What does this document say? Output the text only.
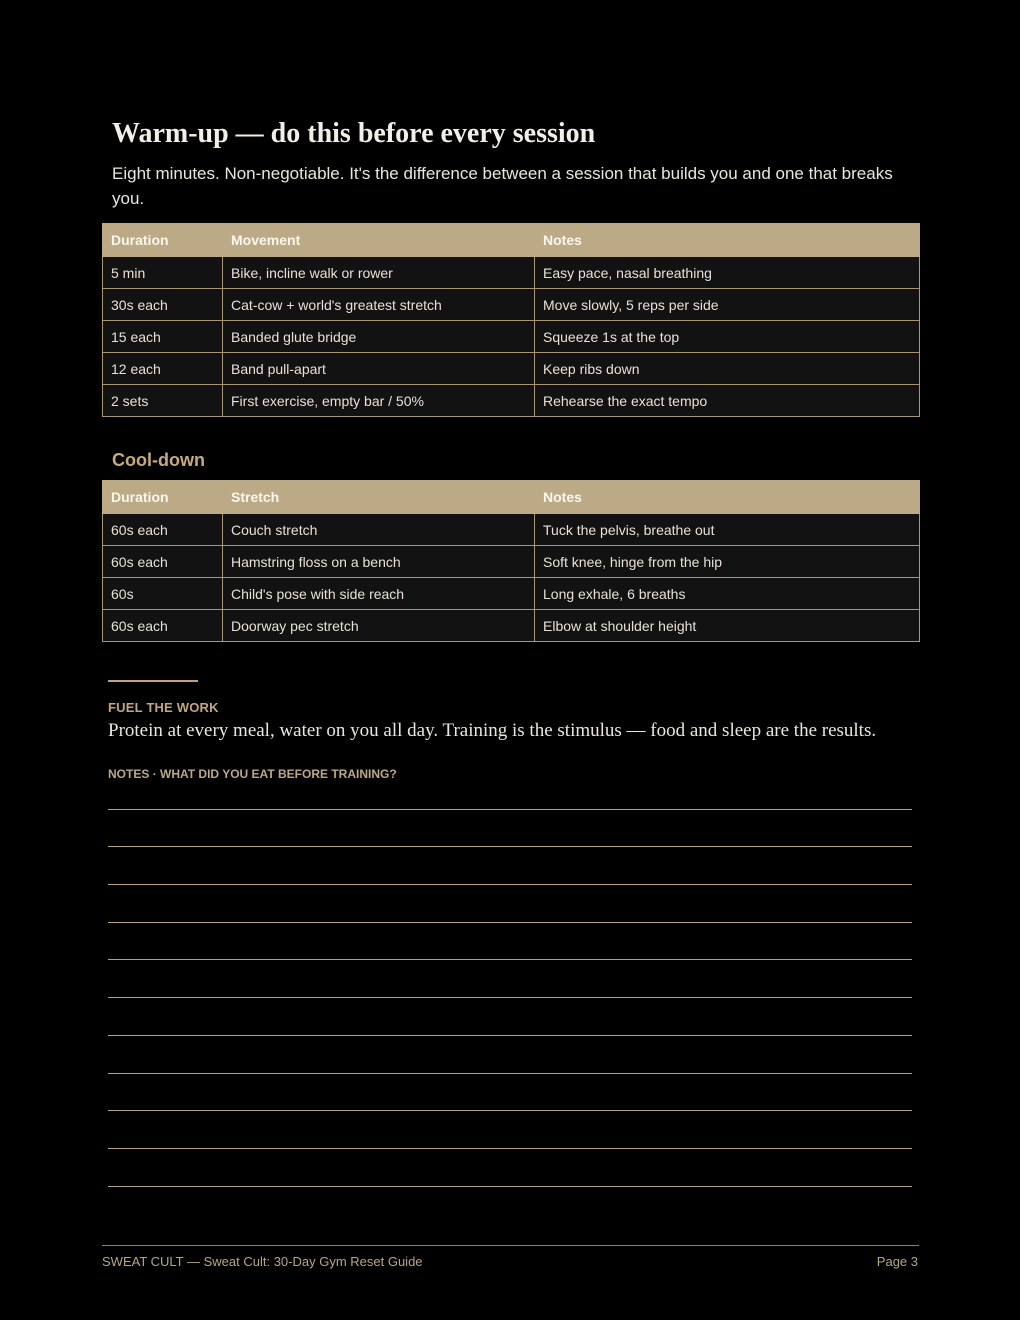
Warm-up — do this before every session

Eight minutes. Non-negotiable. It's the difference between a session that builds you and one that breaks you.

Duration	Movement	Notes
5 min	Bike, incline walk or rower	Easy pace, nasal breathing
30s each	Cat-cow + world's greatest stretch	Move slowly, 5 reps per side
15 each	Banded glute bridge	Squeeze 1s at the top
12 each	Band pull-apart	Keep ribs down
2 sets	First exercise, empty bar / 50%	Rehearse the exact tempo
Cool-down
Duration	Stretch	Notes
60s each	Couch stretch	Tuck the pelvis, breathe out
60s each	Hamstring floss on a bench	Soft knee, hinge from the hip
60s	Child's pose with side reach	Long exhale, 6 breaths
60s each	Doorway pec stretch	Elbow at shoulder height
FUEL THE WORK

Protein at every meal, water on you all day. Training is the stimulus — food and sleep are the results.

NOTES · WHAT DID YOU EAT BEFORE TRAINING?
SWEAT CULT — Sweat Cult: 30-Day Gym Reset Guide	Page 3
